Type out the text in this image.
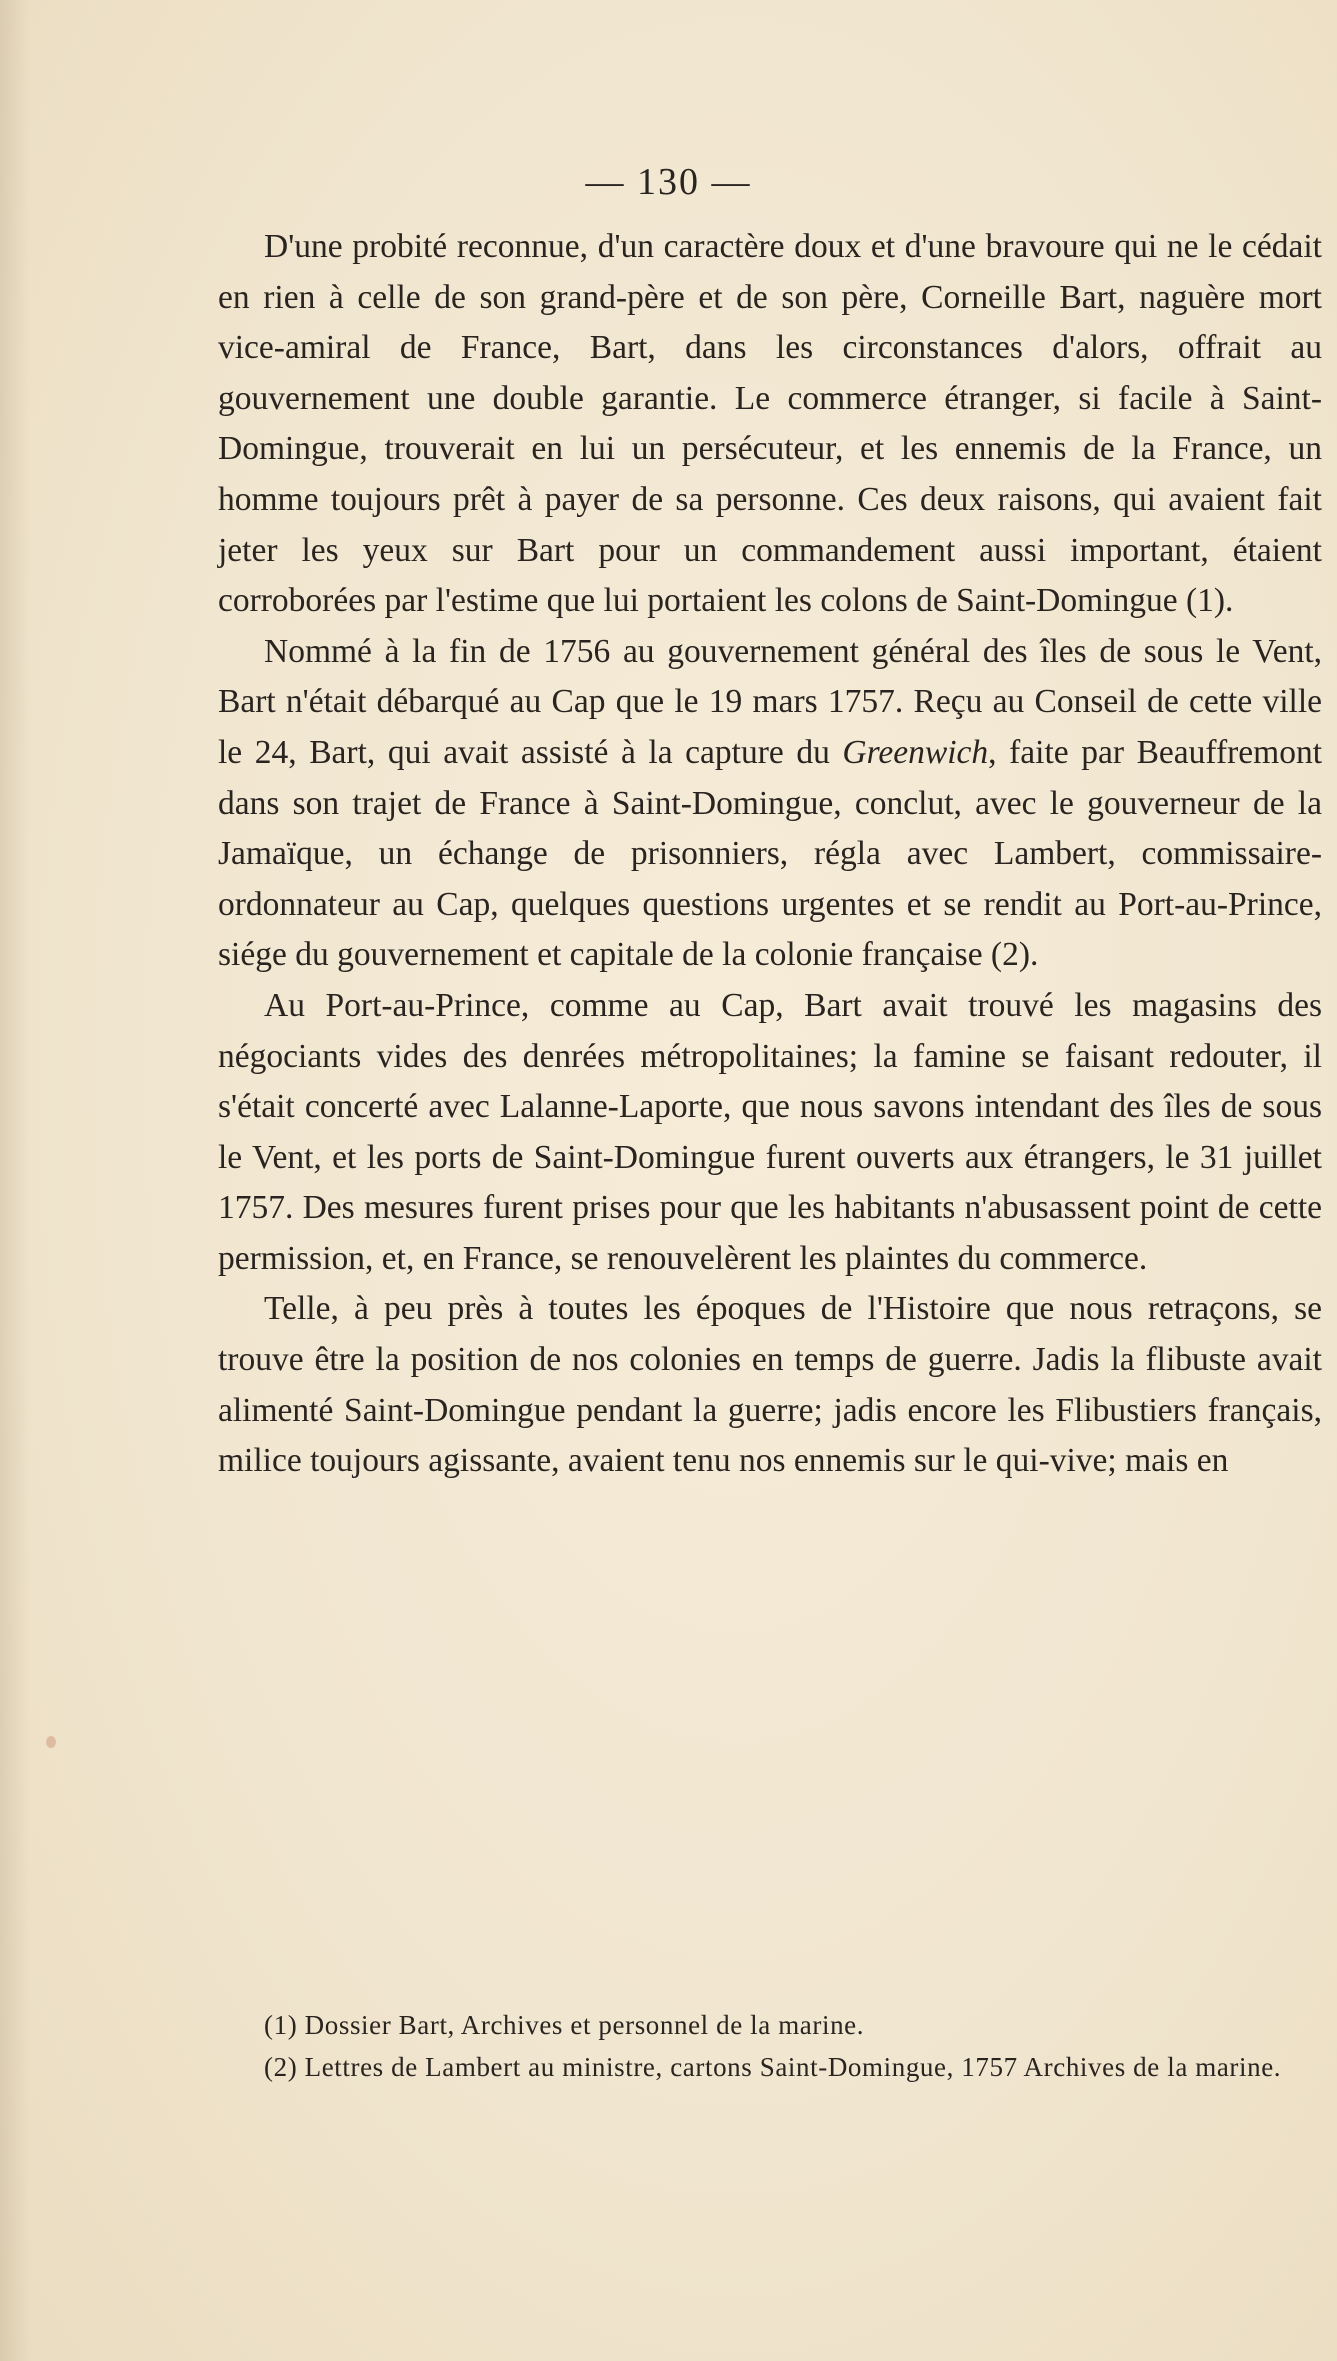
— 130 —

D'une probité reconnue, d'un caractère doux et d'une bravoure qui ne le cédait en rien à celle de son grand-père et de son père, Corneille Bart, naguère mort vice-amiral de France, Bart, dans les circonstances d'alors, offrait au gouvernement une double garantie. Le commerce étranger, si facile à Saint-Domingue, trouverait en lui un persécuteur, et les ennemis de la France, un homme toujours prêt à payer de sa personne. Ces deux raisons, qui avaient fait jeter les yeux sur Bart pour un commandement aussi important, étaient corroborées par l'estime que lui portaient les colons de Saint-Domingue (1).

Nommé à la fin de 1756 au gouvernement général des îles de sous le Vent, Bart n'était débarqué au Cap que le 19 mars 1757. Reçu au Conseil de cette ville le 24, Bart, qui avait assisté à la capture du Greenwich, faite par Beauffremont dans son trajet de France à Saint-Domingue, conclut, avec le gouverneur de la Jamaïque, un échange de prisonniers, régla avec Lambert, commissaire-ordonnateur au Cap, quelques questions urgentes et se rendit au Port-au-Prince, siége du gouvernement et capitale de la colonie française (2).

Au Port-au-Prince, comme au Cap, Bart avait trouvé les magasins des négociants vides des denrées métropolitaines; la famine se faisant redouter, il s'était concerté avec Lalanne-Laporte, que nous savons intendant des îles de sous le Vent, et les ports de Saint-Domingue furent ouverts aux étrangers, le 31 juillet 1757. Des mesures furent prises pour que les habitants n'abusassent point de cette permission, et, en France, se renouvelèrent les plaintes du commerce.

Telle, à peu près à toutes les époques de l'Histoire que nous retraçons, se trouve être la position de nos colonies en temps de guerre. Jadis la flibuste avait alimenté Saint-Domingue pendant la guerre; jadis encore les Flibustiers français, milice toujours agissante, avaient tenu nos ennemis sur le qui-vive; mais en

(1) Dossier Bart, Archives et personnel de la marine.

(2) Lettres de Lambert au ministre, cartons Saint-Domingue, 1757 Archives de la marine.
